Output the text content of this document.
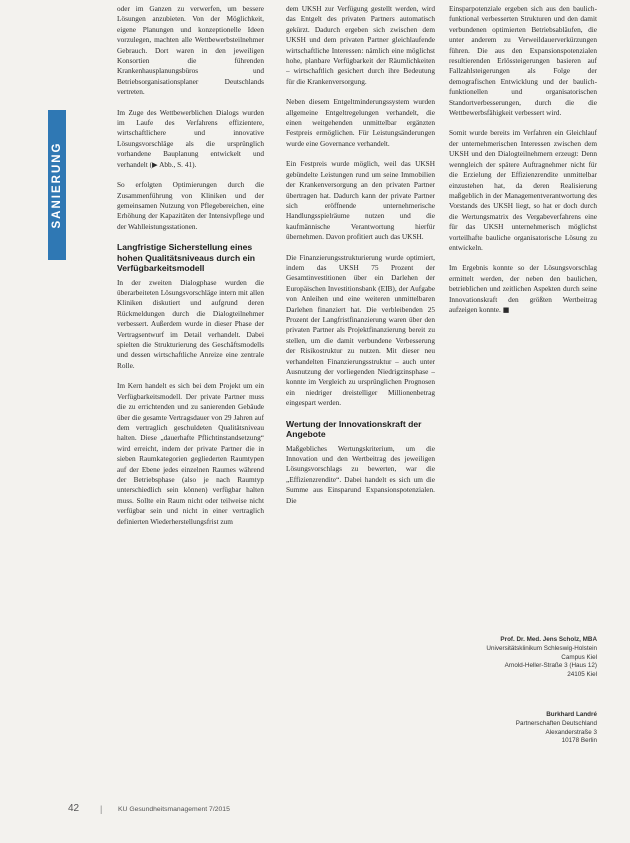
SANIERUNG

oder im Ganzen zu verwerfen, um bessere Lösungen anzubieten. Von der Möglichkeit, eigene Planungen und konzeptionelle Ideen vorzulegen, machten alle Wettbewerbsteilnehmer Gebrauch. Dort waren in den jeweiligen Konsortien die führenden Krankenhausplanungsbüros und Betriebsorganisationsplaner Deutschlands vertreten.

Im Zuge des Wettbewerblichen Dialogs wurden im Laufe des Verfahrens effizientere, wirtschaftlichere und innovative Lösungsvorschläge als die ursprünglich vorhandene Bauplanung entwickelt und verhandelt (▶ Abb., S. 41).

So erfolgten Optimierungen durch die Zusammenführung von Kliniken und der gemeinsamen Nutzung von Pflegebereichen, eine Erhöhung der Kapazitäten der Intensivpflege und der Wahlleistungsstationen.

Langfristige Sicherstellung eines hohen Qualitätsniveaus durch ein Verfügbarkeitsmodell

In der zweiten Dialogphase wurden die überarbeiteten Lösungsvorschläge intern mit allen Kliniken diskutiert und aufgrund deren Rückmeldungen durch die Dialogteilnehmer verbessert. Außerdem wurde in dieser Phase der Vertragsentwurf im Detail verhandelt. Dabei spielten die Strukturierung des Geschäftsmodells und dessen wirtschaftliche Anreize eine zentrale Rolle.

Im Kern handelt es sich bei dem Projekt um ein Verfügbarkeitsmodell. Der private Partner muss die zu errichtenden und zu sanierenden Gebäude über die gesamte Vertragsdauer von 29 Jahren auf dem vertraglich geschuldeten Qualitätsniveau halten. Diese „dauerhafte Pflichtinstandsetzung“ wird erreicht, indem der private Partner die in sieben Raumkategorien gegliederten Raumtypen auf der Ebene jedes einzelnen Raumes während der Betriebsphase (also je nach Raumtyp unterschiedlich sein können) verfügbar halten muss. Sollte ein Raum nicht oder teilweise nicht verfügbar sein und nicht in einer vertraglich definierten Wiederherstellungsfrist zum

dem UKSH zur Verfügung gestellt werden, wird das Entgelt des privaten Partners automatisch gekürzt. Dadurch ergeben sich zwischen dem UKSH und dem privaten Partner gleichlaufende wirtschaftliche Interessen: nämlich eine möglichst hohe, planbare Verfügbarkeit der Räumlichkeiten – wirtschaftlich gesichert durch ihre Bedeutung für die Krankenversorgung.

Neben diesem Entgeltminderungssystem wurden allgemeine Entgeltregelungen verhandelt, die einen weitgehenden unmittelbar ergänzten Festpreis ermöglichen. Für Leistungsänderungen wurde eine Governance verhandelt.

Ein Festpreis wurde möglich, weil das UKSH gebündelte Leistungen rund um seine Immobilien der Krankenversorgung an den privaten Partner übertragen hat. Dadurch kann der private Partner sich eröffnende unternehmerische Handlungsspielräume nutzen und die kaufmännische Verantwortung hierfür übernehmen. Davon profitiert auch das UKSH.

Die Finanzierungsstrukturierung wurde optimiert, indem das UKSH 75 Prozent der Gesamtinvestitionen über ein Darlehen der Europäischen Investitionsbank (EIB), der Aufgabe von Anleihen und eine weiteren unmittelbaren Darlehen finanziert hat. Die verbleibenden 25 Prozent der Langfristfinanzierung waren über den privaten Partner als Projektfinanzierung bereit zu stellen, um die damit verbundene Verbesserung der Risikostruktur zu nutzen. Mit dieser neu verhandelten Finanzierungsstruktur – auch unter Ausnutzung der vorliegenden Niedrigzinsphase – konnte im Vergleich zu ursprünglichen Prognosen ein niedriger dreistelliger Millionenbetrag eingespart werden.

Wertung der Innovationskraft der Angebote

Maßgebliches Wertungskriterium, um die Innovation und den Wertbeitrag des jeweiligen Lösungsvorschlags zu bewerten, war die „Effizienzrendite“. Dabei handelt es sich um die Summe aus Einsparund Expansionspotenzialen. Die

Einsparpotenziale ergeben sich aus den baulich-funktional verbesserten Strukturen und den damit verbundenen optimierten Betriebsabläufen, die unter anderem zu Verweildauerverkürzungen führen. Die aus den Expansionspotenzialen resultierenden Erlössteigerungen basieren auf Fallzahlsteigerungen als Folge der demografischen Entwicklung und der baulich-funktionellen und organisatorischen Standortverbesserungen, durch die die Wettbewerbsfähigkeit verbessert wird.

Somit wurde bereits im Verfahren ein Gleichlauf der unternehmerischen Interessen zwischen dem UKSH und den Dialogteilnehmern erzeugt: Denn wenngleich der spätere Auftragnehmer nicht für die Erzielung der Effizienzrendite unmittelbar einzustehen hat, da deren Realisierung maßgeblich in der Managementverantwortung des Vorstands des UKSH liegt, so hat er doch durch die Wertungsmatrix des Vergabeverfahrens eine für das UKSH unternehmerisch möglichst vorteilhafte bauliche organisatorische Lösung zu entwickeln.

Im Ergebnis konnte so der Lösungsvorschlag ermittelt werden, der neben den baulichen, betrieblichen und zeitlichen Aspekten durch seine Innovationskraft den größten Wertbeitrag aufzeigen konnte. ■

Prof. Dr. Med. Jens Scholz, MBA
Universitätsklinikum Schleswig-Holstein
Campus Kiel
Arnold-Heller-Straße 3 (Haus 12)
24105 Kiel
Burkhard Landré
Partnerschaften Deutschland
Alexanderstraße 3
10178 Berlin
42 | KU Gesundheitsmanagement 7/2015
